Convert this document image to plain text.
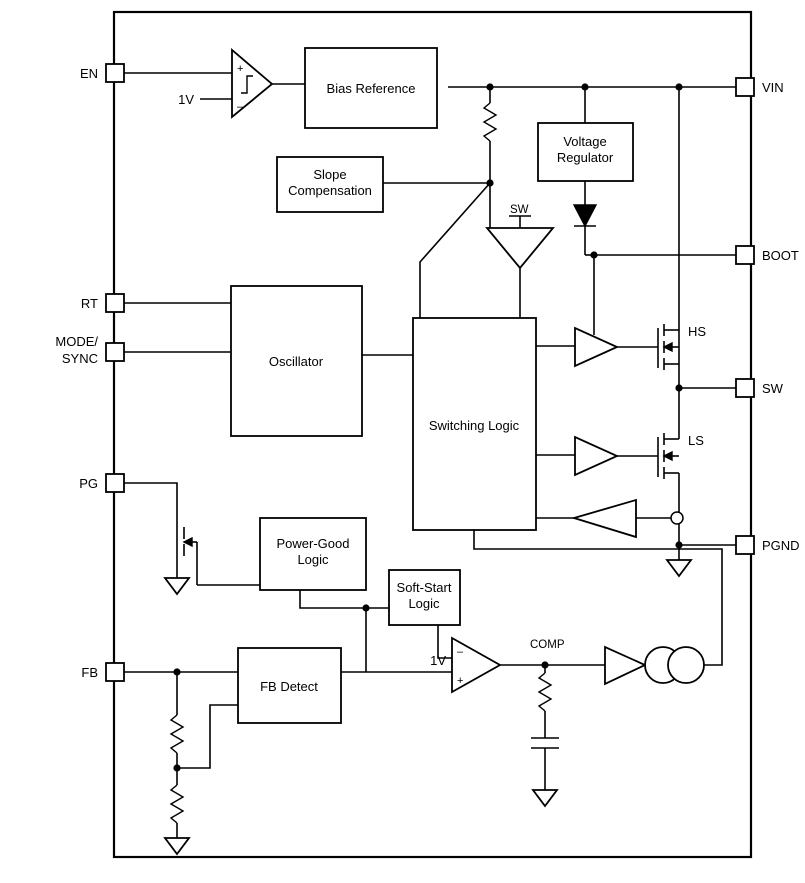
EN
RT
MODE/
SYNC
PG
FB
VIN
BOOT
SW
PGND
+
–
1V
Bias Reference
Voltage
Regulator
Slope
Compensation
SW
Oscillator
Switching Logic
HS
LS
Power-Good
Logic
Soft-Start
Logic
FB Detect
–
+
1V
COMP
